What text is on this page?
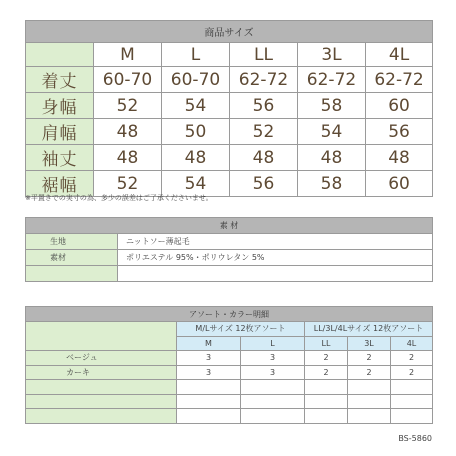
商品サイズ					
	M	L	LL	3L	4L
着丈	60-70	60-70	62-72	62-72	62-72
身幅	52	54	56	58	60
肩幅	48	50	52	54	56
袖丈	48	48	48	48	48
裾幅	52	54	56	58	60
※平置きでの実寸の為、多少の誤差はご了承くださいませ。
素 材	
生地	ニットソー薄起毛
素材	ポリエステル 95%・ポリウレタン 5%

アソート・カラー明細					
	M/Lサイズ 12枚アソート		LL/3L/4Lサイズ 12枚アソート		
	M	L	LL	3L	4L
ベージュ	3	3	2	2	2
カーキ	3	3	2	2	2

BS-5860
